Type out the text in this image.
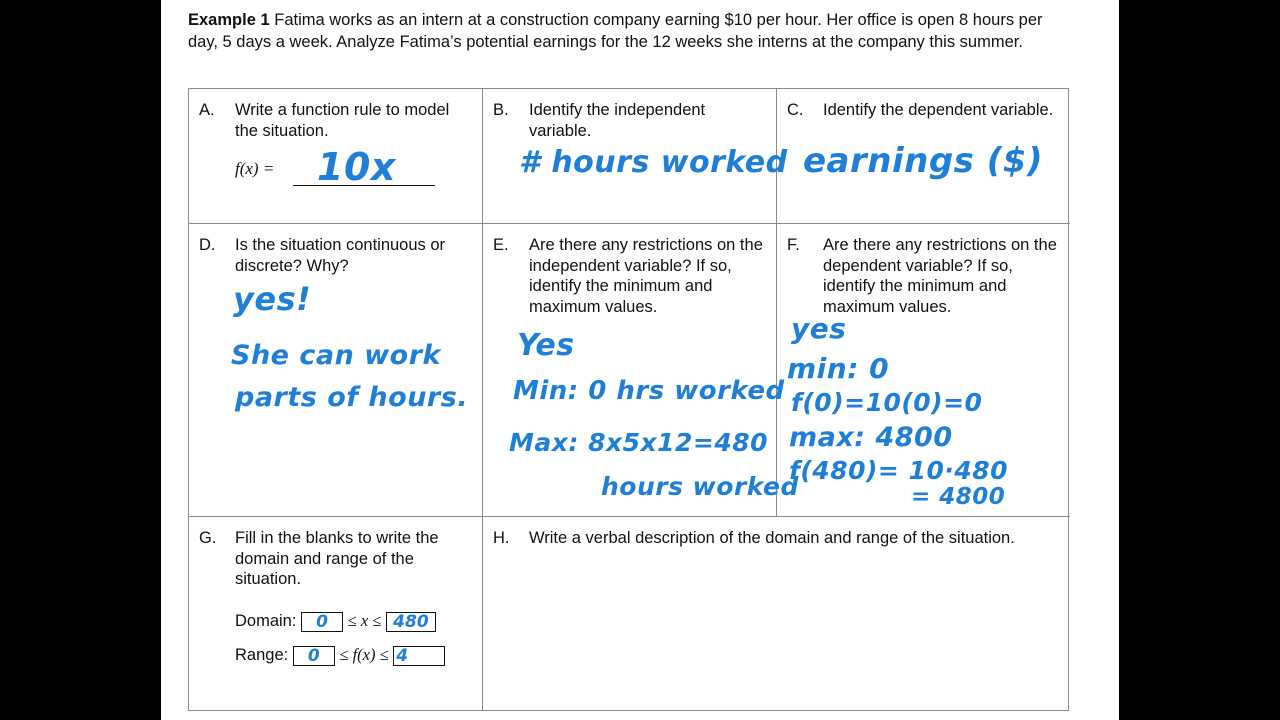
Example 1 Fatima works as an intern at a construction company earning $10 per hour. Her office is open 8 hours per day, 5 days a week. Analyze Fatima’s potential earnings for the 12 weeks she interns at the company this summer.
A. Write a function rule to model the situation.
f(x) = 10x
B. Identify the independent variable.
# hours worked
C. Identify the dependent variable.
earnings ($)
D. Is the situation continuous or discrete? Why?
yes!
She can work
parts of hours.
E. Are there any restrictions on the independent variable? If so, identify the minimum and maximum values.
Yes
Min: 0 hrs worked
Max: 8x5x12=480
hours worked
F. Are there any restrictions on the dependent variable? If so, identify the minimum and maximum values.
yes
min: 0
f(0)=10(0)=0
max: 4800
f(480)= 10·480
= 4800
G. Fill in the blanks to write the domain and range of the situation.
Domain: 0 ≤ x ≤ 480
Range: 0 ≤ f(x) ≤ 4
H. Write a verbal description of the domain and range of the situation.
